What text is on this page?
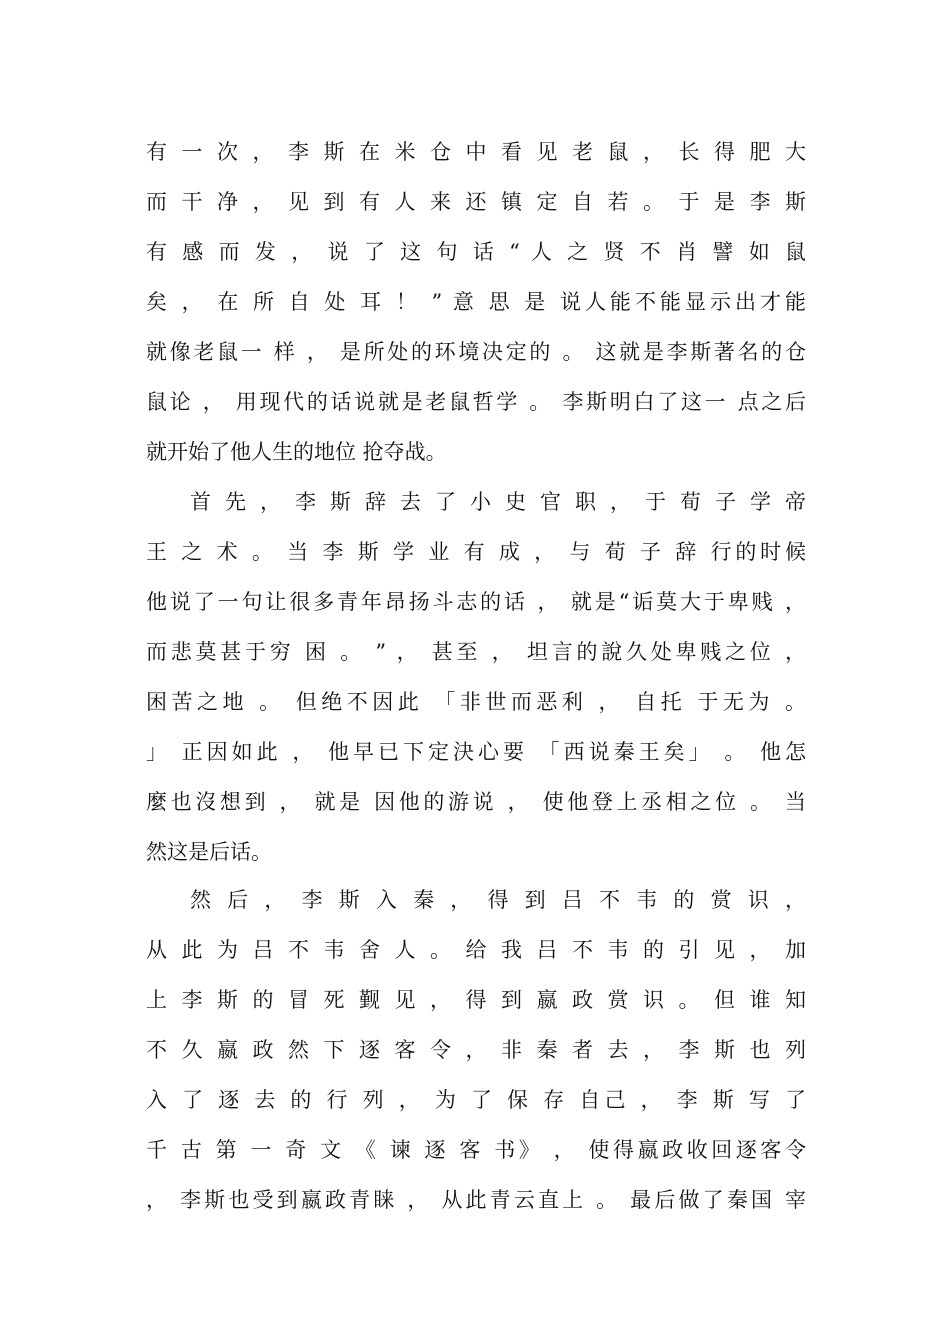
有 一 次 ， 李 斯 在 米 仓 中 看 见 老 鼠 ， 长 得 肥 大
而 干 净 ， 见 到 有 人 来 还 镇 定 自 若 。 于 是 李 斯
有 感 而 发 ， 说 了 这 句 话 “ 人 之 贤 不 肖 譬 如 鼠
矣 ， 在 所 自 处 耳 ！ ” 意 思 是 说人能不能显示出才能
就像老鼠一 样 ， 是所处的环境决定的 。 这就是李斯著名的仓
鼠论 ， 用现代的话说就是老鼠哲学 。 李斯明白了这一 点之后
就开始了他人生的地位 抢夺战。
首 先 ， 李 斯 辞 去 了 小 史 官 职 ， 于 荀 子 学 帝
王 之 术 。 当 李 斯 学 业 有 成 ， 与 荀 子 辞 行的时候
他说了一句让很多青年昂扬斗志的话 ， 就是“诟莫大于卑贱 ，
而悲莫甚于穷 困 。 ” ， 甚至 ， 坦言的說久处卑贱之位 ，
困苦之地 。 但绝不因此 「非世而恶利 ， 自托 于无为 。
」 正因如此 ， 他早已下定決心要 「西说秦王矣」 。 他怎
麼也沒想到 ， 就是 因他的游说 ， 使他登上丞相之位 。 当
然这是后话。
然 后 ， 李 斯 入 秦 ， 得 到 吕 不 韦 的 赏 识 ，
从 此 为 吕 不 韦 舍 人 。 给 我 吕 不 韦 的 引 见 ， 加
上 李 斯 的 冒 死 觐 见 ， 得 到 嬴 政 赏 识 。 但 谁 知
不 久 嬴 政 然 下 逐 客 令 ， 非 秦 者 去 ， 李 斯 也 列
入 了 逐 去 的 行 列 ， 为 了 保 存 自己 ， 李 斯 写 了
千 古 第 一 奇 文 《 谏 逐 客 书》 ， 使得嬴政收回逐客令
， 李斯也受到嬴政青睐 ， 从此青云直上 。 最后做了秦国 宰
